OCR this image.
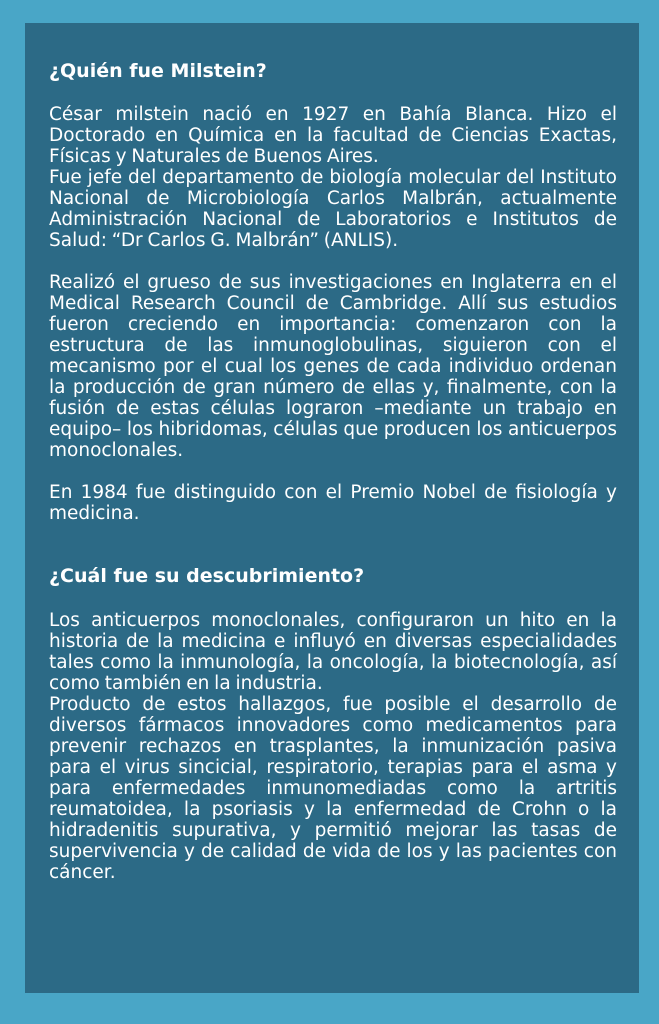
¿Quién fue Milstein?

César milstein nació en 1927 en Bahía Blanca. Hizo el Doctorado en Química en la facultad de Ciencias Exactas, Físicas y Naturales de Buenos Aires.

Fue jefe del departamento de biología molecular del Instituto Nacional de Microbiología Carlos Malbrán, actualmente Administración Nacional de Laboratorios e Institutos de Salud: “Dr Carlos G. Malbrán” (ANLIS).

Realizó el grueso de sus investigaciones en Inglaterra en el Medical Research Council de Cambridge. Allí sus estudios fueron creciendo en importancia: comenzaron con la estructura de las inmunoglobulinas, siguieron con el mecanismo por el cual los genes de cada individuo ordenan la producción de gran número de ellas y, finalmente, con la fusión de estas células lograron –mediante un trabajo en equipo– los hibridomas, células que producen los anticuerpos monoclonales.

En 1984 fue distinguido con el Premio Nobel de fisiología y medicina.

¿Cuál fue su descubrimiento?

Los anticuerpos monoclonales, configuraron un hito en la historia de la medicina e influyó en diversas especialidades tales como la inmunología, la oncología, la biotecnología, así como también en la industria.

Producto de estos hallazgos, fue posible el desarrollo de diversos fármacos innovadores como medicamentos para prevenir rechazos en trasplantes, la inmunización pasiva para el virus sincicial, respiratorio, terapias para el asma y para enfermedades inmunomediadas como la artritis reumatoidea, la psoriasis y la enfermedad de Crohn o la hidradenitis supurativa, y permitió mejorar las tasas de supervivencia y de calidad de vida de los y las pacientes con cáncer.
